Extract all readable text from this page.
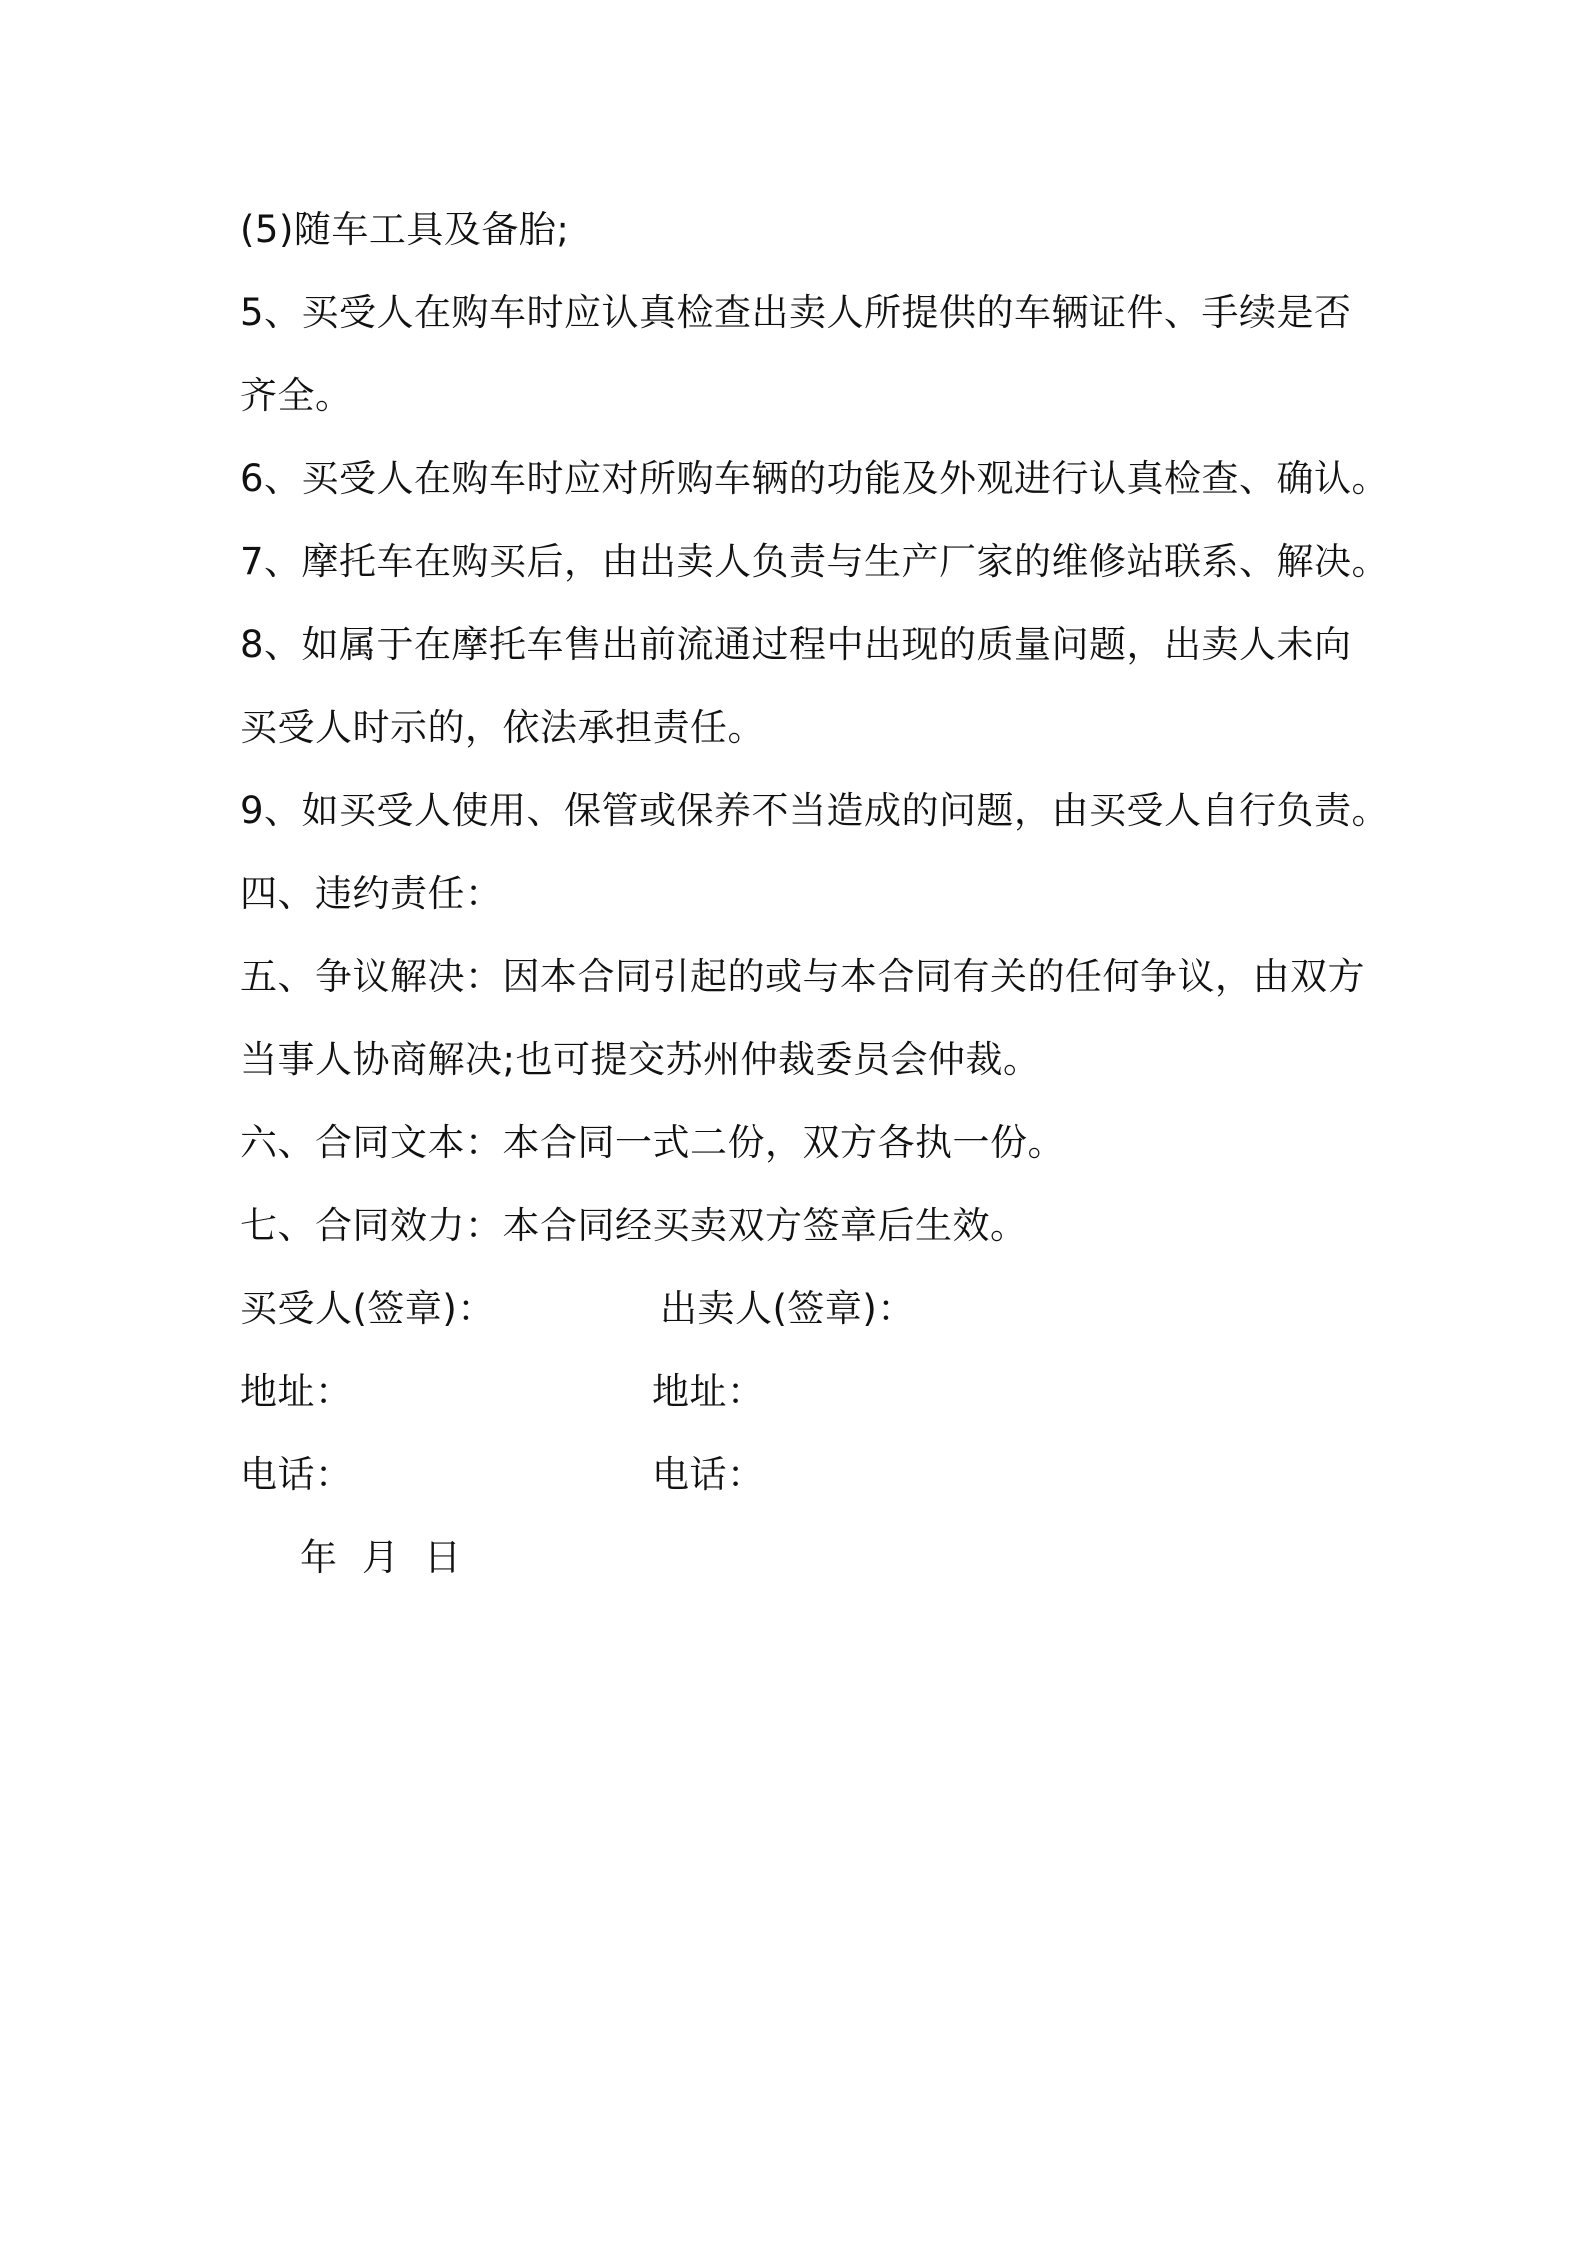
(5)随车工具及备胎;
5、买受人在购车时应认真检查出卖人所提供的车辆证件、手续是否
齐全。
6、买受人在购车时应对所购车辆的功能及外观进行认真检查、确认。
7、摩托车在购买后，由出卖人负责与生产厂家的维修站联系、解决。
8、如属于在摩托车售出前流通过程中出现的质量问题，出卖人未向
买受人时示的，依法承担责任。
9、如买受人使用、保管或保养不当造成的问题，由买受人自行负责。
四、违约责任：
五、争议解决：因本合同引起的或与本合同有关的任何争议，由双方
当事人协商解决;也可提交苏州仲裁委员会仲裁。
六、合同文本：本合同一式二份，双方各执一份。
七、合同效力：本合同经买卖双方签章后生效。
买受人(签章)：	出卖人(签章)：
地址：	地址：
电话：	电话：
年  月  日
